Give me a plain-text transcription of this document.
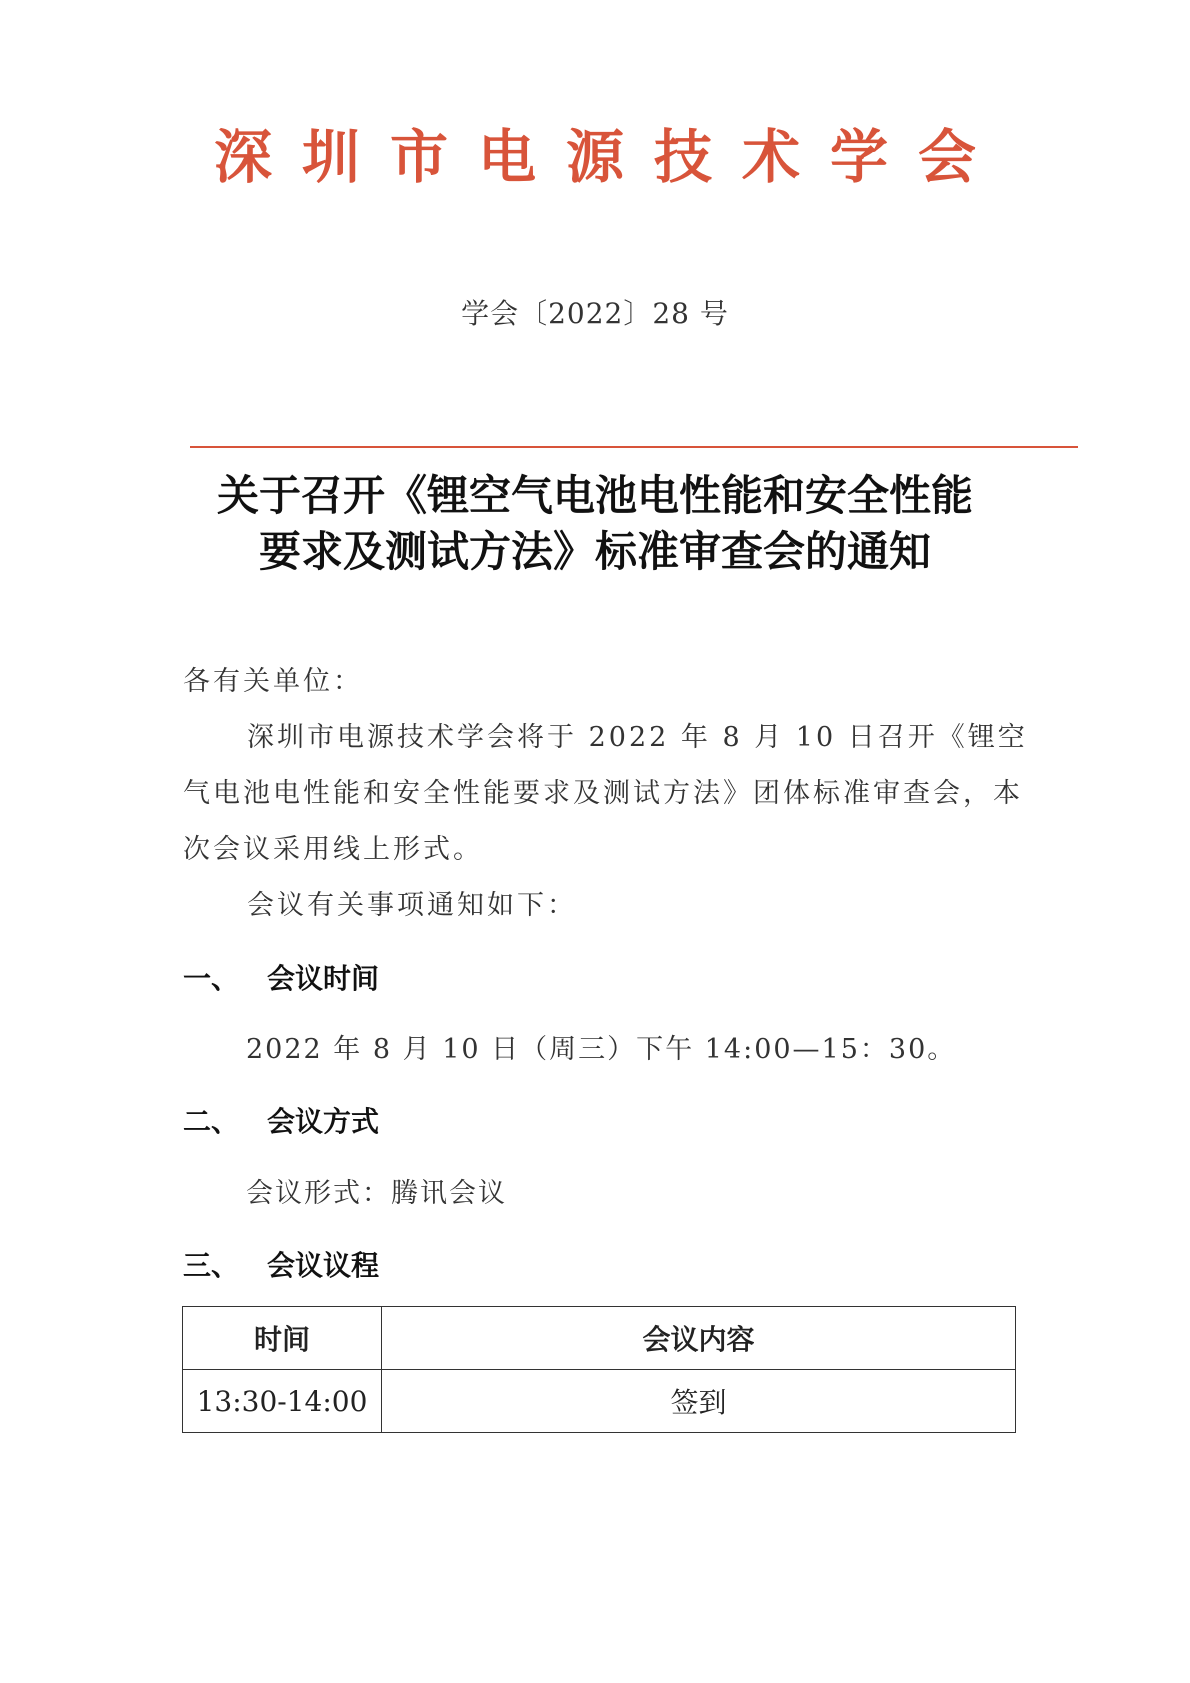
深圳市电源技术学会
学会〔2022〕28 号
关于召开《锂空气电池电性能和安全性能
要求及测试方法》标准审查会的通知
各有关单位：
深圳市电源技术学会将于 2022 年 8 月 10 日召开《锂空气电池电性能和安全性能要求及测试方法》团体标准审查会，本次会议采用线上形式。
会议有关事项通知如下：
一、 会议时间
2022 年 8 月 10 日（周三）下午 14:00—15：30。
二、 会议方式
会议形式：腾讯会议
三、 会议议程
时间	会议内容
13:30-14:00	签到
